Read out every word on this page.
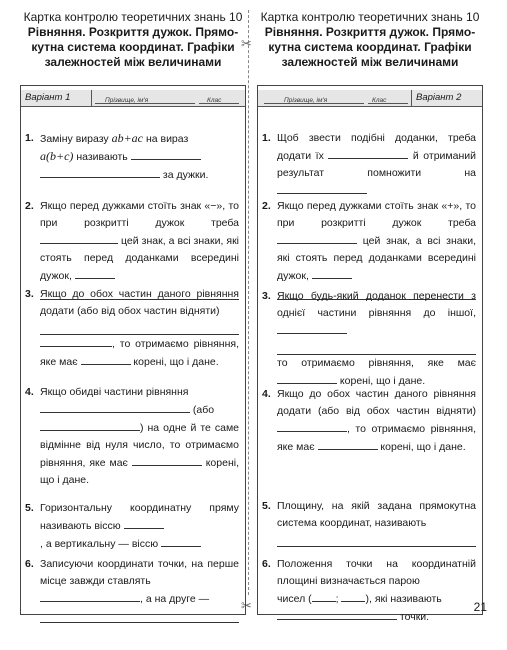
✂
✂
Картка контролю теоретичних знань 10
Рівняння. Розкриття дужок. Прямо-
кутна система координат. Графіки
залежностей між величинами
Варіант 1	Прізвище, ім'я	Клас
1. Заміну виразу ab+ac на вираз
a(b+c) називають
за дужки.
2. Якщо перед дужками стоїть знак «−», то при розкритті дужок треба  цей знак, а всі знаки, які стоять перед доданками всередині дужок,
3. Якщо до обох частин даного рівняння додати (або від обох частин відняти)
, то отримаємо рівняння, яке має	корені, що і дане.
4. Якщо обидві частини рівняння
(або
) на одне й те саме відмінне від нуля число, то отримаємо рівняння, яке має	корені, що і дане.
5. Горизонтальну координатну пряму називають віссю
, а вертикальну — віссю
6. Записуючи координати точки, на перше місце завжди ставлять
, а на друге —
Картка контролю теоретичних знань 10
Рівняння. Розкриття дужок. Прямо-
кутна система координат. Графіки
залежностей між величинами
Прізвище, ім'я	Клас	Варіант 2
1. Щоб звести подібні доданки, треба додати їх	й отриманий результат помножити на
2. Якщо перед дужками стоїть знак «+», то при розкритті дужок треба  цей знак, а всі знаки, які стоять перед доданками всередині дужок,
3. Якщо будь-який доданок перенести з однієї частини рівняння до іншої,
то отримаємо рівняння, яке має  корені, що і дане.
4. Якщо до обох частин даного рівняння додати (або від обох частин відняти) , то отримаємо рівняння, яке має	корені, що і дане.
5. Площину, на якій задана прямокутна система координат, називають
6. Положення точки на координатній площині визначається парою
чисел ( ; ), які називають
точки.
21
